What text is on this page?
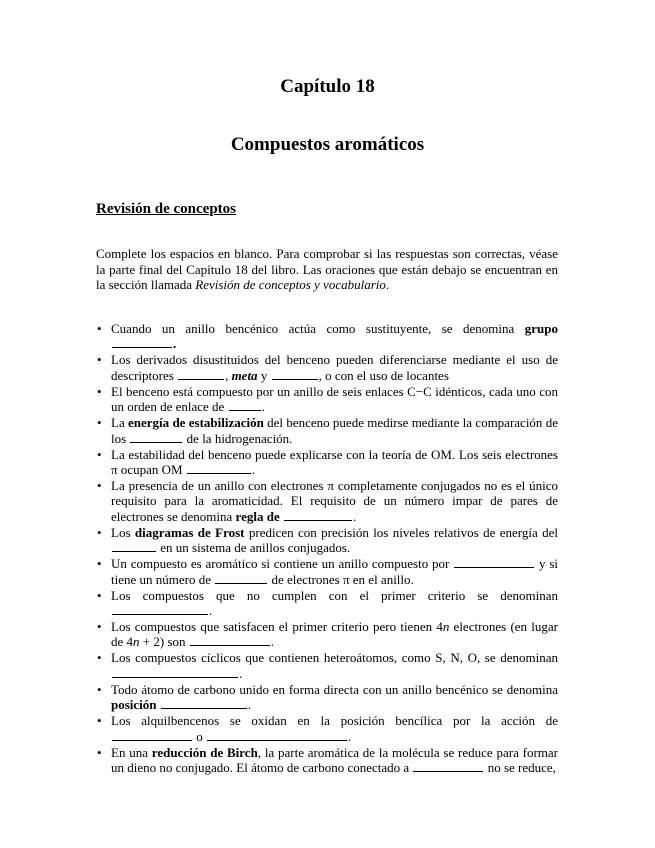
Capítulo 18
Compuestos aromáticos
Revisión de conceptos

Complete los espacios en blanco. Para comprobar si las respuestas son correctas, véase la parte final del Capítulo 18 del libro. Las oraciones que están debajo se encuentran en la sección llamada Revisión de conceptos y vocabulario.

• Cuando un anillo bencénico actúa como sustituyente, se denomina grupo .
• Los derivados disustituidos del benceno pueden diferenciarse mediante el uso de descriptores	, meta y	, o con el uso de locantes
• El benceno está compuesto por un anillo de seis enlaces C−C idénticos, cada uno con un orden de enlace de	.
• La energía de estabilización del benceno puede medirse mediante la comparación de los	de la hidrogenación.
• La estabilidad del benceno puede explicarse con la teoría de OM. Los seis electrones π ocupan OM	.
• La presencia de un anillo con electrones π completamente conjugados no es el único requisito para la aromaticidad. El requisito de un número impar de pares de electrones se denomina regla de	.
• Los diagramas de Frost predicen con precisión los niveles relativos de energía del  en un sistema de anillos conjugados.
• Un compuesto es aromático si contiene un anillo compuesto por	y si tiene un número de	de electrones π en el anillo.
• Los compuestos que no cumplen con el primer criterio se denominan .
• Los compuestos que satisfacen el primer criterio pero tienen 4n electrones (en lugar de 4n + 2) son	.
• Los compuestos cíclicos que contienen heteroátomos, como S, N, O, se denominan .
• Todo átomo de carbono unido en forma directa con un anillo bencénico se denomina posición	.
• Los alquilbencenos se oxidan en la posición bencílica por la acción de  o	.
• En una reducción de Birch, la parte aromática de la molécula se reduce para formar un dieno no conjugado. El átomo de carbono conectado a	no se reduce,
